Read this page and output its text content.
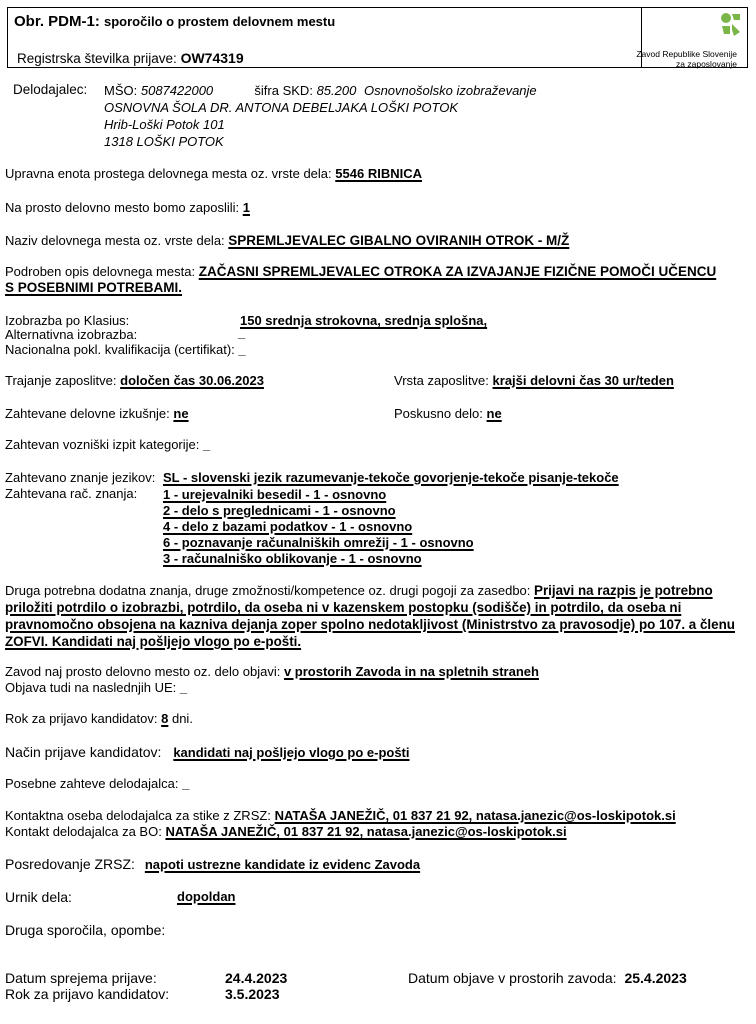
Obr. PDM-1: sporočilo o prostem delovnem mestu
Registrska številka prijave: OW74319	Zavod Republike Slovenije
za zaposlovanje
Delodajalec: MŠO: 5087422000	šifra SKD: 85.200 Osnovnošolsko izobraževanje
OSNOVNA ŠOLA DR. ANTONA DEBELJAKA LOŠKI POTOK
Hrib-Loški Potok 101
1318 LOŠKI POTOK
Upravna enota prostega delovnega mesta oz. vrste dela: 5546 RIBNICA
Na prosto delovno mesto bomo zaposlili: 1
Naziv delovnega mesta oz. vrste dela: SPREMLJEVALEC GIBALNO OVIRANIH OTROK - M/Ž
Podroben opis delovnega mesta: ZAČASNI SPREMLJEVALEC OTROKA ZA IZVAJANJE FIZIČNE POMOČI UČENCU
S POSEBNIMI POTREBAMI.
Izobrazba po Klasius:	150 srednja strokovna, srednja splošna,
Alternativna izobrazba:	_
Nacionalna pokl. kvalifikacija (certifikat): _
Trajanje zaposlitve: določen čas 30.06.2023	Vrsta zaposlitve: krajši delovni čas 30 ur/teden
Zahtevane delovne izkušnje: ne	Poskusno delo: ne
Zahtevan vozniški izpit kategorije: _
Zahtevano znanje jezikov: SL - slovenski jezik razumevanje-tekoče govorjenje-tekoče pisanje-tekoče
Zahtevana rač. znanja: 1 - urejevalniki besedil - 1 - osnovno
2 - delo s preglednicami - 1 - osnovno
4 - delo z bazami podatkov - 1 - osnovno
6 - poznavanje računalniških omrežij - 1 - osnovno
3 - računalniško oblikovanje - 1 - osnovno
Druga potrebna dodatna znanja, druge zmožnosti/kompetence oz. drugi pogoji za zasedbo: Prijavi na razpis je potrebno priložiti potrdilo o izobrazbi, potrdilo, da oseba ni v kazenskem postopku (sodišče) in potrdilo, da oseba ni pravnomočno obsojena na kazniva dejanja zoper spolno nedotakljivost (Ministrstvo za pravosodje) po 107. a členu ZOFVI. Kandidati naj pošljejo vlogo po e-pošti.
Zavod naj prosto delovno mesto oz. delo objavi: v prostorih Zavoda in na spletnih straneh
Objava tudi na naslednjih UE: _
Rok za prijavo kandidatov: 8 dni.
Način prijave kandidatov: kandidati naj pošljejo vlogo po e-pošti
Posebne zahteve delodajalca: _
Kontaktna oseba delodajalca za stike z ZRSZ: NATAŠA JANEŽIČ, 01 837 21 92, natasa.janezic@os-loskipotok.si
Kontakt delodajalca za BO: NATAŠA JANEŽIČ, 01 837 21 92, natasa.janezic@os-loskipotok.si
Posredovanje ZRSZ: napoti ustrezne kandidate iz evidenc Zavoda
Urnik dela:	dopoldan
Druga sporočila, opombe:
Datum sprejema prijave:	24.4.2023
Rok za prijavo kandidatov:	3.5.2023
Datum objave v prostorih zavoda: 25.4.2023
